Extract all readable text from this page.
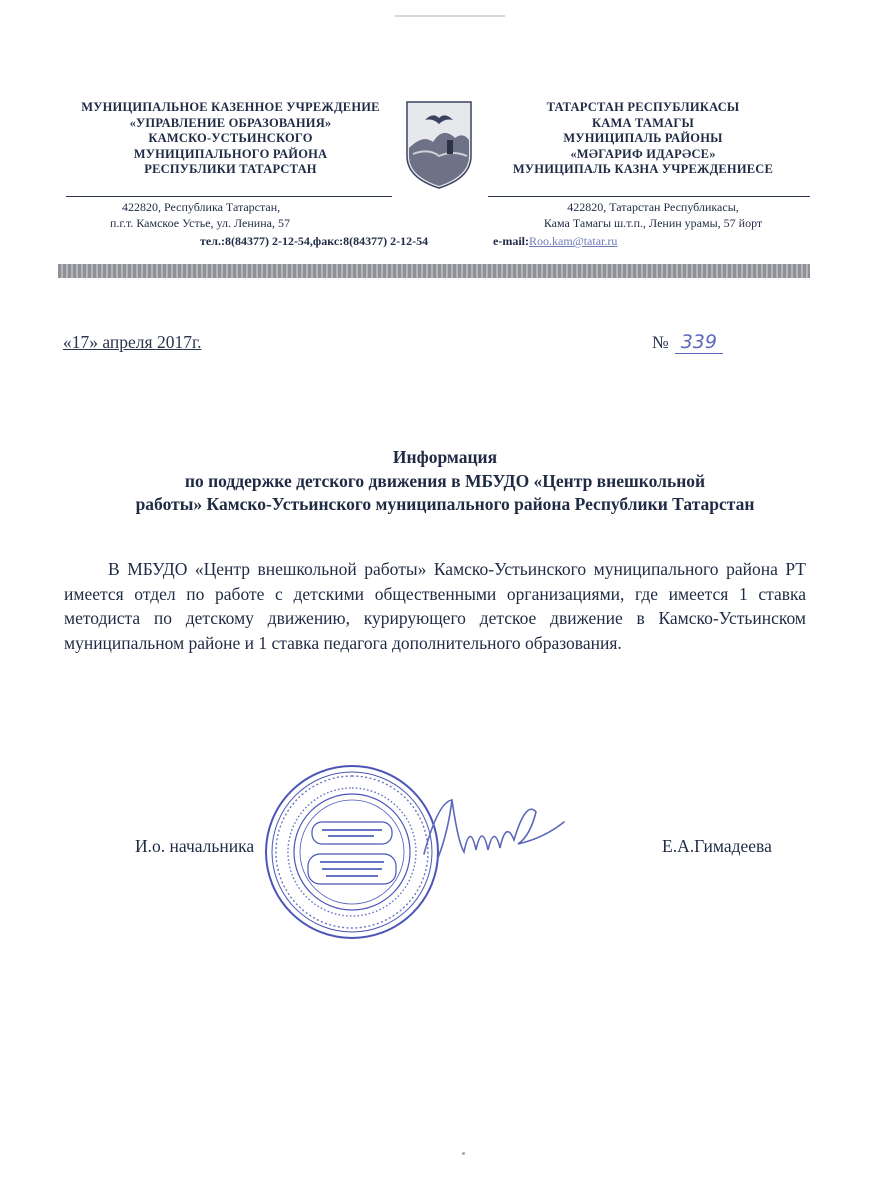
МУНИЦИПАЛЬНОЕ КАЗЕННОЕ УЧРЕЖДЕНИЕ
«УПРАВЛЕНИЕ ОБРАЗОВАНИЯ»
КАМСКО-УСТЬИНСКОГО
МУНИЦИПАЛЬНОГО РАЙОНА
РЕСПУБЛИКИ ТАТАРСТАН
ТАТАРСТАН РЕСПУБЛИКАСЫ
КАМА ТАМАГЫ
МУНИЦИПАЛЬ РАЙОНЫ
«МӘГАРИФ ИДАРӘСЕ»
МУНИЦИПАЛЬ КАЗНА УЧРЕЖДЕНИЕСЕ
422820, Республика Татарстан,
п.г.т. Камское Устье, ул. Ленина, 57
тел.:8(84377) 2-12-54,факс:8(84377) 2-12-54
422820, Татарстан Республикасы,
Кама Тамагы ш.т.п., Ленин урамы, 57 йорт
e-mail:Roo.kam@tatar.ru
«17» апреля 2017г.	№ 339
Информация
по поддержке детского движения в МБУДО «Центр внешкольной
работы» Камско-Устьинского муниципального района Республики Татарстан

В МБУДО «Центр внешкольной работы» Камско-Устьинского муниципального района РТ имеется отдел по работе с детскими общественными организациями, где имеется 1 ставка методиста по детскому движению, курирующего детское движение в Камско-Устьинском муниципальном районе и 1 ставка педагога дополнительного образования.

И.о. начальника	Е.А.Гимадеева
